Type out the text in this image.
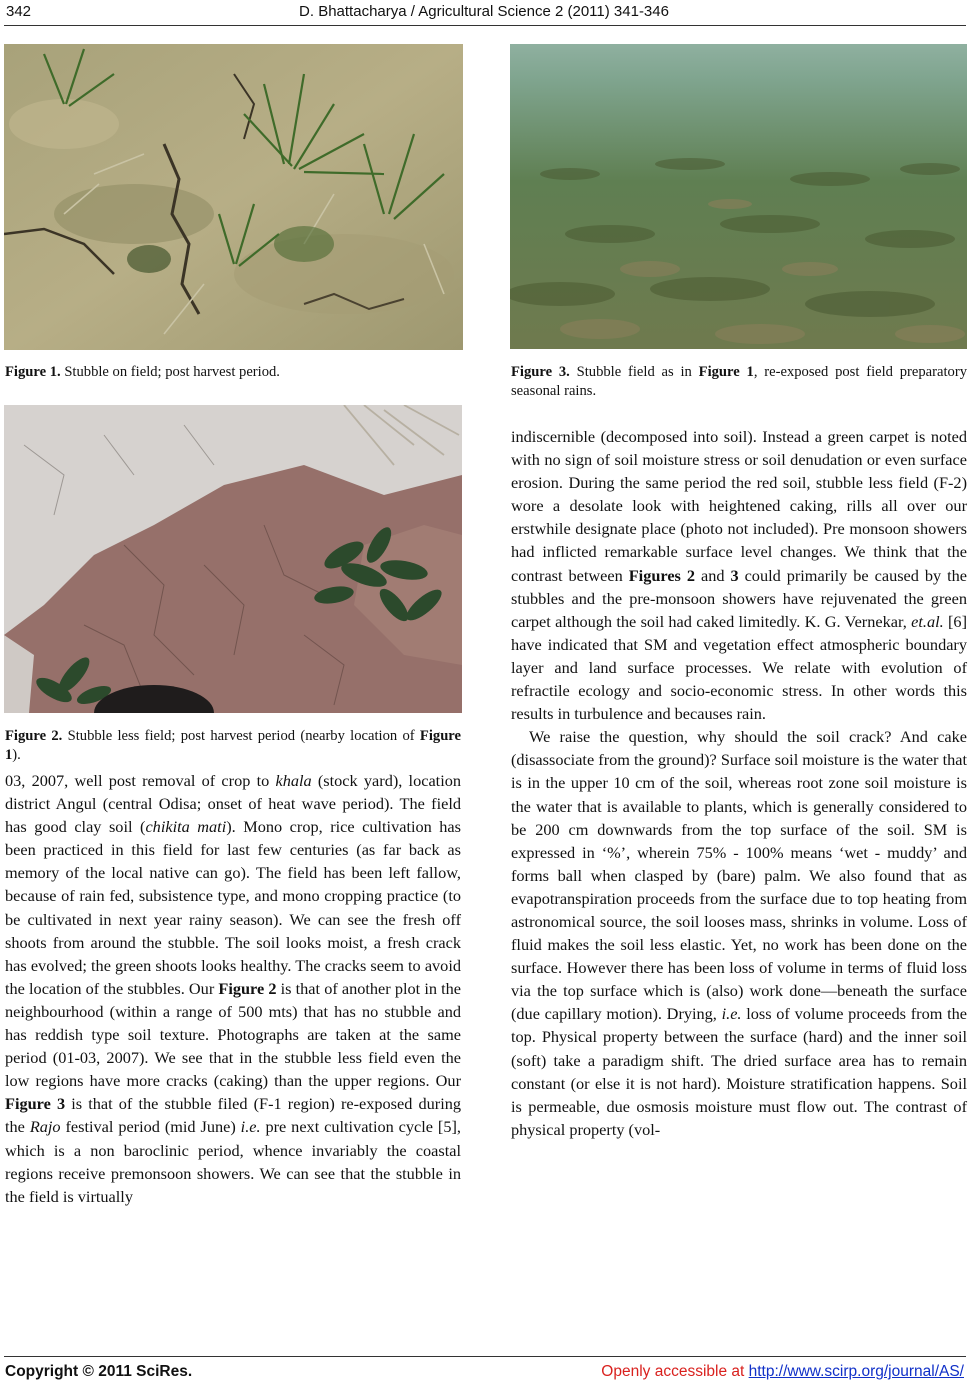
342	D. Bhattacharya / Agricultural Science 2 (2011) 341-346
Figure 1. Stubble on field; post harvest period.
Figure 2. Stubble less field; post harvest period (nearby location of Figure 1).
Figure 3. Stubble field as in Figure 1, re-exposed post field preparatory seasonal rains.

03, 2007, well post removal of crop to khala (stock yard), location district Angul (central Odisa; onset of heat wave period). The field has good clay soil (chikita mati). Mono crop, rice cultivation has been practiced in this field for last few centuries (as far back as memory of the local native can go). The field has been left fallow, because of rain fed, subsistence type, and mono cropping practice (to be cultivated in next year rainy season). We can see the fresh off shoots from around the stubble. The soil looks moist, a fresh crack has evolved; the green shoots looks healthy. The cracks seem to avoid the location of the stubbles. Our Figure 2 is that of another plot in the neighbourhood (within a range of 500 mts) that has no stubble and has reddish type soil texture. Photographs are taken at the same period (01-03, 2007). We see that in the stubble less field even the low regions have more cracks (caking) than the upper regions. Our Figure 3 is that of the stubble filed (F-1 region) re-exposed during the Rajo festival period (mid June) i.e. pre next cultivation cycle [5], which is a non baroclinic period, whence invariably the coastal regions receive premonsoon showers. We can see that the stubble in the field is virtually

indiscernible (decomposed into soil). Instead a green carpet is noted with no sign of soil moisture stress or soil denudation or even surface erosion. During the same period the red soil, stubble less field (F-2) wore a desolate look with heightened caking, rills all over our erstwhile designate place (photo not included). Pre monsoon showers had inflicted remarkable surface level changes. We think that the contrast between Figures 2 and 3 could primarily be caused by the stubbles and the pre-monsoon showers have rejuvenated the green carpet although the soil had caked limitedly. K. G. Vernekar, et.al. [6] have indicated that SM and vegetation effect atmospheric boundary layer and land surface processes. We relate with evolution of refractile ecology and socio-economic stress. In other words this results in turbulence and becauses rain.

We raise the question, why should the soil crack? And cake (disassociate from the ground)? Surface soil moisture is the water that is in the upper 10 cm of the soil, whereas root zone soil moisture is the water that is available to plants, which is generally considered to be 200 cm downwards from the top surface of the soil. SM is expressed in ‘%’, wherein 75% - 100% means ‘wet - muddy’ and forms ball when clasped by (bare) palm. We also found that as evapotranspiration proceeds from the surface due to top heating from astronomical source, the soil looses mass, shrinks in volume. Loss of fluid makes the soil less elastic. Yet, no work has been done on the surface. However there has been loss of volume in terms of fluid loss via the top surface which is (also) work done—beneath the surface (due capillary motion). Drying, i.e. loss of volume proceeds from the top. Physical property between the surface (hard) and the inner soil (soft) take a paradigm shift. The dried surface area has to remain constant (or else it is not hard). Moisture stratification happens. Soil is permeable, due osmosis moisture must flow out. The contrast of physical property (vol-

Copyright © 2011 SciRes.	Openly accessible at http://www.scirp.org/journal/AS/
